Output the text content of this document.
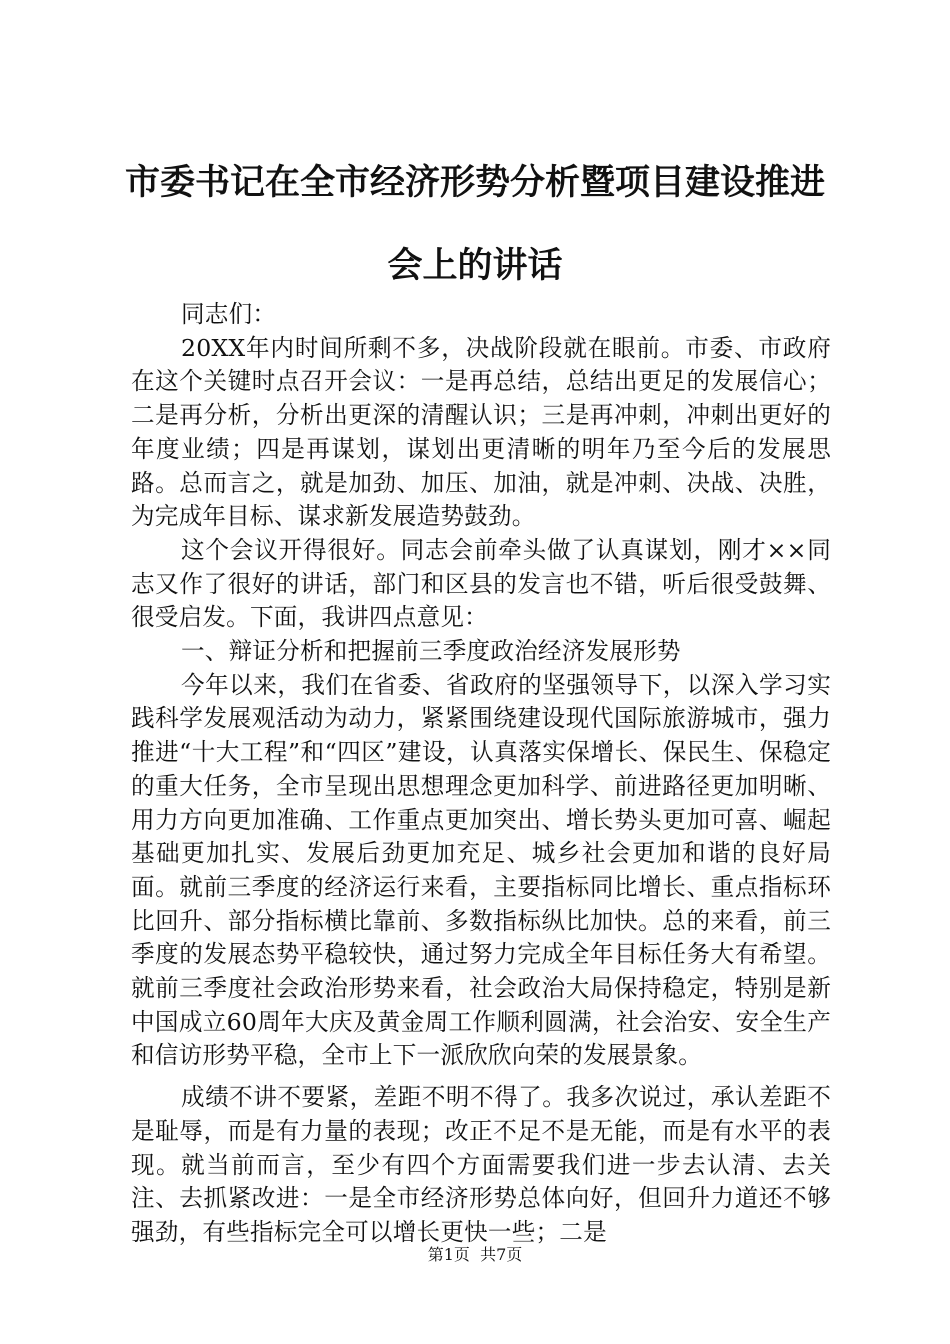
市委书记在全市经济形势分析暨项目建设推进
会上的讲话

同志们：

20XX年内时间所剩不多，决战阶段就在眼前。市委、市政府在这个关键时点召开会议：一是再总结，总结出更足的发展信心；二是再分析，分析出更深的清醒认识；三是再冲刺，冲刺出更好的年度业绩；四是再谋划，谋划出更清晰的明年乃至今后的发展思路。总而言之，就是加劲、加压、加油，就是冲刺、决战、决胜，为完成年目标、谋求新发展造势鼓劲。

这个会议开得很好。同志会前牵头做了认真谋划，刚才××同志又作了很好的讲话，部门和区县的发言也不错，听后很受鼓舞、很受启发。下面，我讲四点意见：

一、辩证分析和把握前三季度政治经济发展形势

今年以来，我们在省委、省政府的坚强领导下，以深入学习实践科学发展观活动为动力，紧紧围绕建设现代国际旅游城市，强力推进“十大工程”和“四区”建设，认真落实保增长、保民生、保稳定的重大任务，全市呈现出思想理念更加科学、前进路径更加明晰、用力方向更加准确、工作重点更加突出、增长势头更加可喜、崛起基础更加扎实、发展后劲更加充足、城乡社会更加和谐的良好局面。就前三季度的经济运行来看，主要指标同比增长、重点指标环比回升、部分指标横比靠前、多数指标纵比加快。总的来看，前三季度的发展态势平稳较快，通过努力完成全年目标任务大有希望。就前三季度社会政治形势来看，社会政治大局保持稳定，特别是新中国成立60周年大庆及黄金周工作顺利圆满，社会治安、安全生产和信访形势平稳，全市上下一派欣欣向荣的发展景象。

成绩不讲不要紧，差距不明不得了。我多次说过，承认差距不是耻辱，而是有力量的表现；改正不足不是无能，而是有水平的表现。就当前而言，至少有四个方面需要我们进一步去认清、去关注、去抓紧改进：一是全市经济形势总体向好，但回升力道还不够强劲，有些指标完全可以增长更快一些；二是

第1页  共7页
